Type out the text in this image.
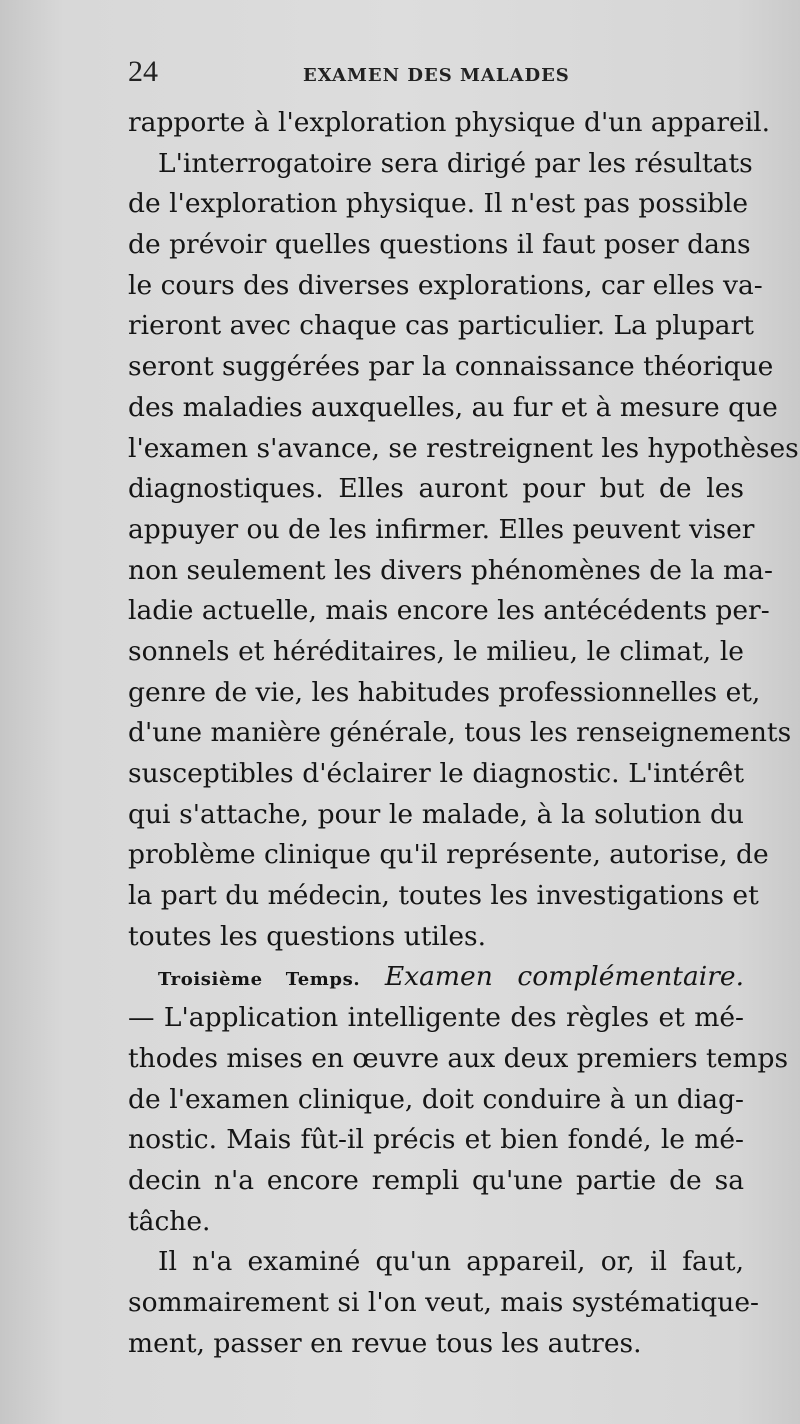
24	EXAMEN DES MALADES
rapporte à l'exploration physique d'un appareil.
L'interrogatoire sera dirigé par les résultats
de l'exploration physique. Il n'est pas possible
de prévoir quelles questions il faut poser dans
le cours des diverses explorations, car elles va-
rieront avec chaque cas particulier. La plupart
seront suggérées par la connaissance théorique
des maladies auxquelles, au fur et à mesure que
l'examen s'avance, se restreignent les hypothèses
diagnostiques. Elles auront pour but de les
appuyer ou de les infirmer. Elles peuvent viser
non seulement les divers phénomènes de la ma-
ladie actuelle, mais encore les antécédents per-
sonnels et héréditaires, le milieu, le climat, le
genre de vie, les habitudes professionnelles et,
d'une manière générale, tous les renseignements
susceptibles d'éclairer le diagnostic. L'intérêt
qui s'attache, pour le malade, à la solution du
problème clinique qu'il représente, autorise, de
la part du médecin, toutes les investigations et
toutes les questions utiles.
Troisième Temps. Examen complémentaire.
— L'application intelligente des règles et mé-
thodes mises en œuvre aux deux premiers temps
de l'examen clinique, doit conduire à un diag-
nostic. Mais fût-il précis et bien fondé, le mé-
decin n'a encore rempli qu'une partie de sa
tâche.
Il n'a examiné qu'un appareil, or, il faut,
sommairement si l'on veut, mais systématique-
ment, passer en revue tous les autres.
